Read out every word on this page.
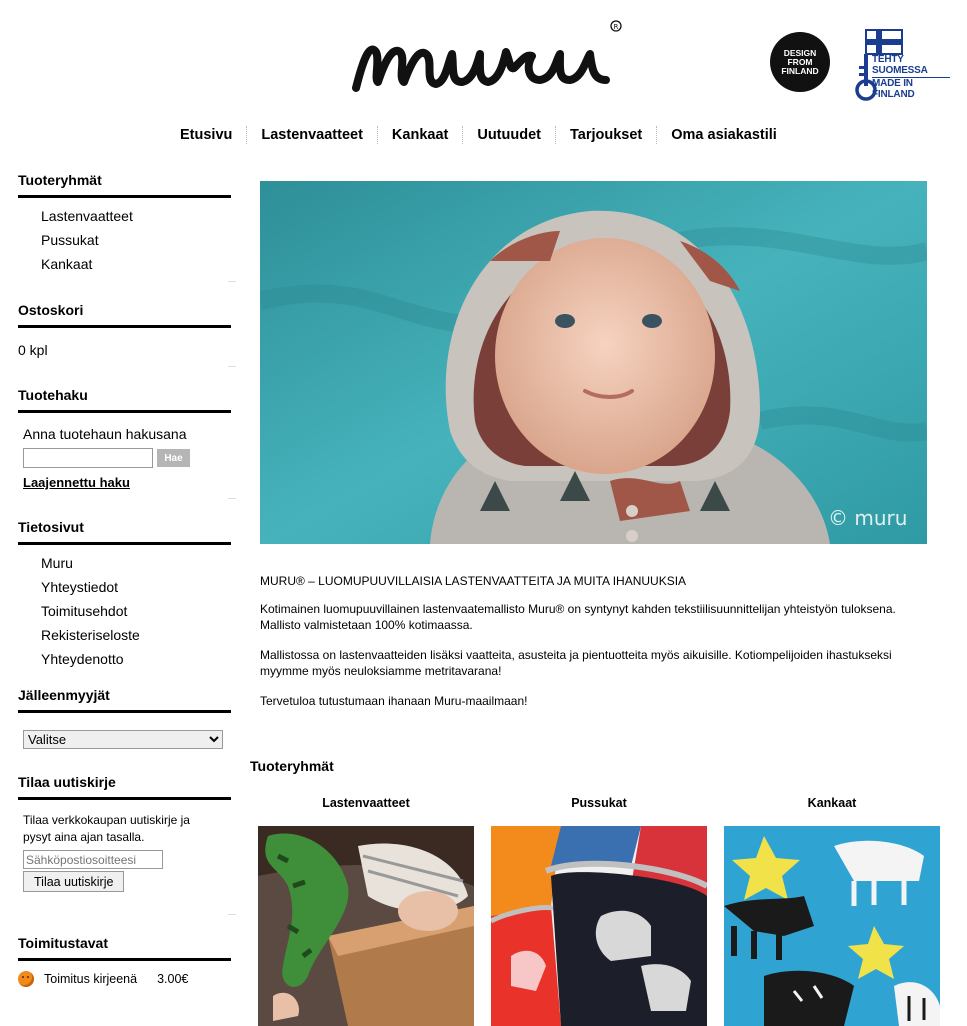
R
DESIGN FROM FINLAND
TEHTY SUOMESSA
MADE IN FINLAND
Etusivu	Lastenvaatteet	Kankaat	Uutuudet	Tarjoukset	Oma asiakastili
Tuoteryhmät
Lastenvaatteet
Pussukat
Kankaat
Ostoskori
0 kpl
Tuotehaku
Anna tuotehaun hakusana
Hae
Laajennettu haku
Tietosivut
Muru
Yhteystiedot
Toimitusehdot
Rekisteriseloste
Yhteydenotto
Jälleenmyyjät
Valitse
Tilaa uutiskirje
Tilaa verkkokaupan uutiskirje ja pysyt aina ajan tasalla.
Sähköpostiosoitteesi
Tilaa uutiskirje
Toimitustavat
Toimitus kirjeenä 3.00€
© muru

MURU® – LUOMUPUUVILLAISIA LASTENVAATTEITA JA MUITA IHANUUKSIA

Kotimainen luomupuuvillainen lastenvaatemallisto Muru® on syntynyt kahden tekstiilisuunnittelijan yhteistyön tuloksena. Mallisto valmistetaan 100% kotimaassa.

Mallistossa on lastenvaatteiden lisäksi vaatteita, asusteita ja pientuotteita myös aikuisille. Kotiompelijoiden ihastukseksi myymme myös neuloksiamme metritavarana!

Tervetuloa tutustumaan ihanaan Muru-maailmaan!

Tuoteryhmät
Lastenvaatteet	Pussukat	Kankaat
